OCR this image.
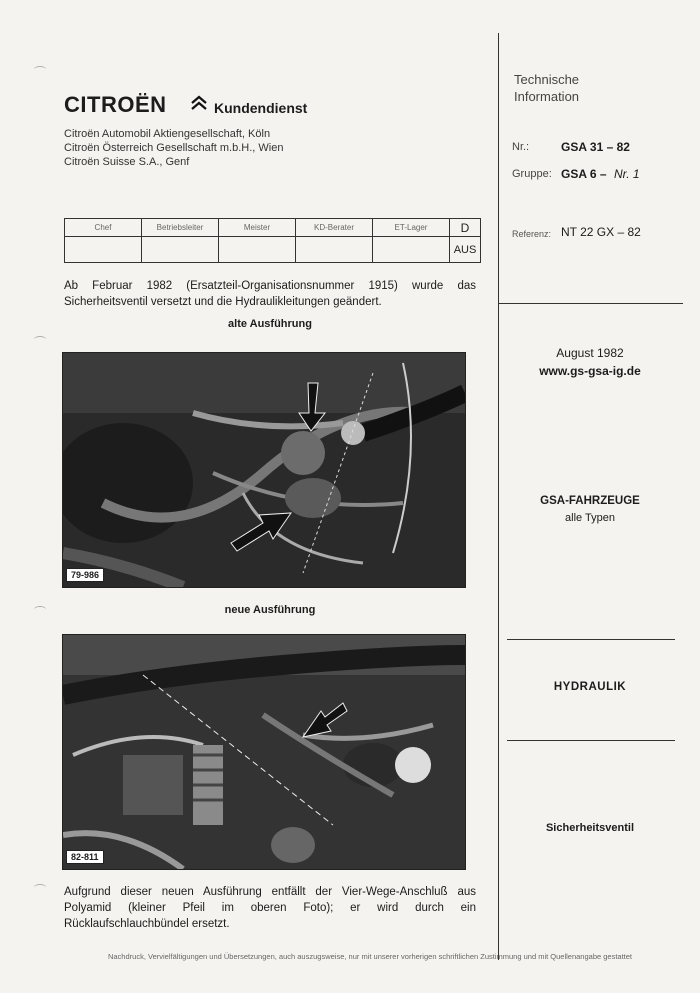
CITROËN	Kundendienst
Citroën Automobil Aktiengesellschaft, Köln
Citroën Österreich Gesellschaft m.b.H., Wien
Citroën Suisse S.A., Genf
Chef	Betriebsleiter	Meister	KD-Berater	ET-Lager	D
					AUS
Technische
Information
Nr.:	GSA 31 – 82
Gruppe: GSA 6 – Nr. 1
Referenz: NT 22 GX – 82
August 1982
www.gs-gsa-ig.de
GSA-FAHRZEUGE
alle Typen
HYDRAULIK
Sicherheitsventil
Ab Februar 1982 (Ersatzteil-Organisationsnummer 1915) wurde das Sicherheitsventil versetzt und die Hydraulikleitungen geändert.
alte Ausführung
79-986
neue Ausführung
82-811
Aufgrund dieser neuen Ausführung entfällt der Vier-Wege-Anschluß aus Polyamid (kleiner Pfeil im oberen Foto); er wird durch ein Rücklaufschlauchbündel ersetzt.
Nachdruck, Vervielfältigungen und Übersetzungen, auch auszugsweise, nur mit unserer vorherigen schriftlichen Zustimmung und mit Quellenangabe gestattet
